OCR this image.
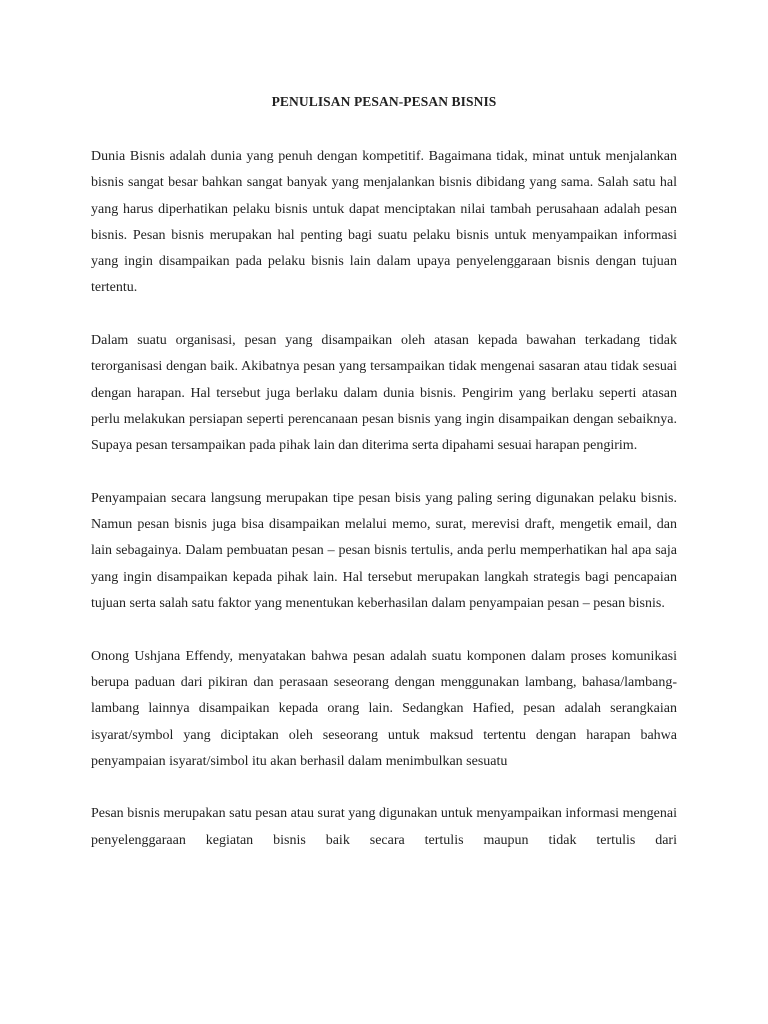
PENULISAN PESAN-PESAN BISNIS

Dunia Bisnis adalah dunia yang penuh dengan kompetitif. Bagaimana tidak, minat untuk menjalankan bisnis sangat besar bahkan sangat banyak yang menjalankan bisnis dibidang yang sama. Salah satu hal yang harus diperhatikan pelaku bisnis untuk dapat menciptakan nilai tambah perusahaan adalah pesan bisnis. Pesan bisnis merupakan hal penting bagi suatu pelaku bisnis untuk menyampaikan informasi yang ingin disampaikan pada pelaku bisnis lain dalam upaya penyelenggaraan bisnis dengan tujuan tertentu.

Dalam suatu organisasi, pesan yang disampaikan oleh atasan kepada bawahan terkadang tidak terorganisasi dengan baik. Akibatnya pesan yang tersampaikan tidak mengenai sasaran atau tidak sesuai dengan harapan. Hal tersebut juga berlaku dalam dunia bisnis. Pengirim yang berlaku seperti atasan perlu melakukan persiapan seperti perencanaan pesan bisnis yang ingin disampaikan dengan sebaiknya. Supaya pesan tersampaikan pada pihak lain dan diterima serta dipahami sesuai harapan pengirim.

Penyampaian secara langsung merupakan tipe pesan bisis yang paling sering digunakan pelaku bisnis. Namun pesan bisnis juga bisa disampaikan melalui memo, surat, merevisi draft, mengetik email, dan lain sebagainya. Dalam pembuatan pesan – pesan bisnis tertulis, anda perlu memperhatikan hal apa saja yang ingin disampaikan kepada pihak lain. Hal tersebut merupakan langkah strategis bagi pencapaian tujuan serta salah satu faktor yang menentukan keberhasilan dalam penyampaian pesan – pesan bisnis.

Onong Ushjana Effendy, menyatakan bahwa pesan adalah suatu komponen dalam proses komunikasi berupa paduan dari pikiran dan perasaan seseorang dengan menggunakan lambang, bahasa/lambang-lambang lainnya disampaikan kepada orang lain. Sedangkan Hafied, pesan adalah serangkaian isyarat/symbol yang diciptakan oleh seseorang untuk maksud tertentu dengan harapan bahwa penyampaian isyarat/simbol itu akan berhasil dalam menimbulkan sesuatu

Pesan bisnis merupakan satu pesan atau surat yang digunakan untuk menyampaikan informasi mengenai penyelenggaraan kegiatan bisnis baik secara tertulis maupun tidak tertulis dari
